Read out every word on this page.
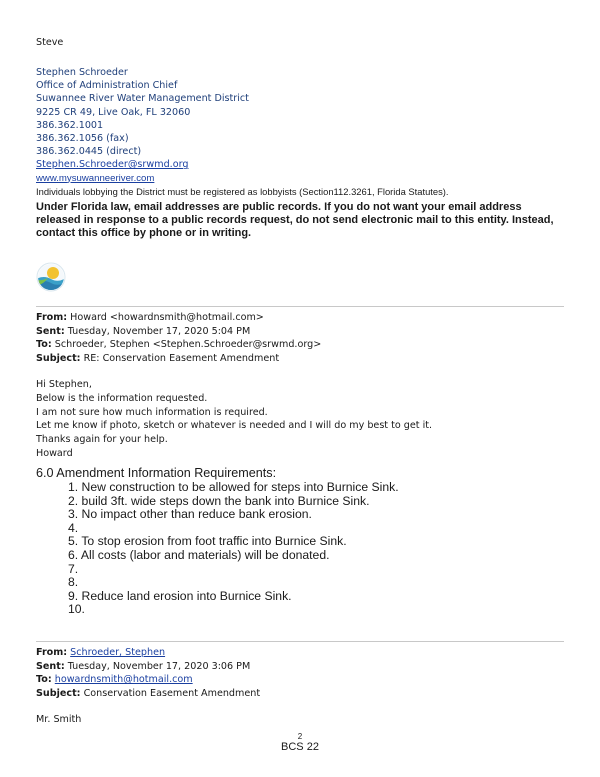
Steve
Stephen Schroeder
Office of Administration Chief
Suwannee River Water Management District
9225 CR 49, Live Oak, FL 32060
386.362.1001
386.362.1056 (fax)
386.362.0445 (direct)
Stephen.Schroeder@srwmd.org
www.mysuwanneeriver.com
Individuals lobbying the District must be registered as lobbyists (Section112.3261, Florida Statutes).
Under Florida law, email addresses are public records. If you do not want your email address released in response to a public records request, do not send electronic mail to this entity. Instead, contact this office by phone or in writing.
From: Howard <howardnsmith@hotmail.com>
Sent: Tuesday, November 17, 2020 5:04 PM
To: Schroeder, Stephen <Stephen.Schroeder@srwmd.org>
Subject: RE: Conservation Easement Amendment
Hi Stephen,
Below is the information requested.
I am not sure how much information is required.
Let me know if photo, sketch or whatever is needed and I will do my best to get it.
Thanks again for your help.
Howard
6.0 Amendment Information Requirements:
1. New construction to be allowed for steps into Burnice Sink.
2. build 3ft. wide steps down the bank into Burnice Sink.
3. No impact other than reduce bank erosion.
4.
5. To stop erosion from foot traffic into Burnice Sink.
6. All costs (labor and materials) will be donated.
7.
8.
9. Reduce land erosion into Burnice Sink.
10.
From: Schroeder, Stephen
Sent: Tuesday, November 17, 2020 3:06 PM
To: howardnsmith@hotmail.com
Subject: Conservation Easement Amendment
Mr. Smith
2
BCS 22
